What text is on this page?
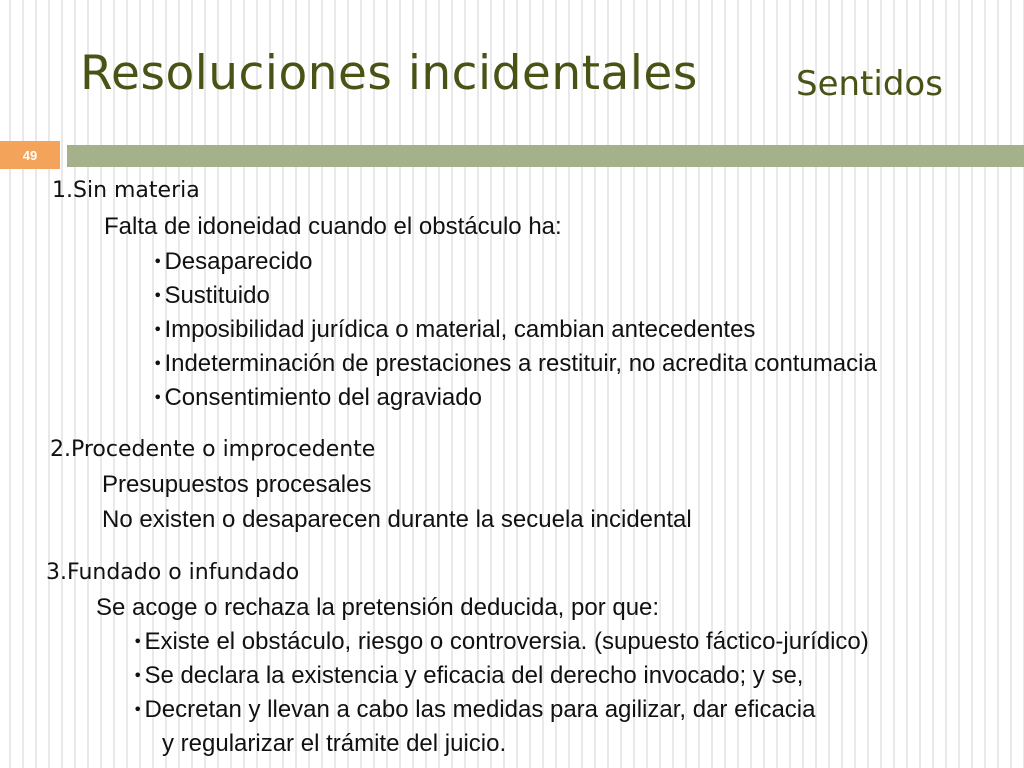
Resoluciones incidentales	Sentidos
49
1.Sin materia
Falta de idoneidad cuando el obstáculo ha:
•Desaparecido
•Sustituido
•Imposibilidad jurídica o material, cambian antecedentes
•Indeterminación de prestaciones a restituir, no acredita contumacia
•Consentimiento del agraviado
2.Procedente o improcedente
Presupuestos procesales
No existen o desaparecen durante la secuela incidental
3.Fundado o infundado
Se acoge o rechaza la pretensión deducida, por que:
•Existe el obstáculo, riesgo o controversia. (supuesto fáctico-jurídico)
•Se declara la existencia y eficacia del derecho invocado; y se,
•Decretan y llevan a cabo las medidas para agilizar, dar eficacia
y regularizar el trámite del juicio.
